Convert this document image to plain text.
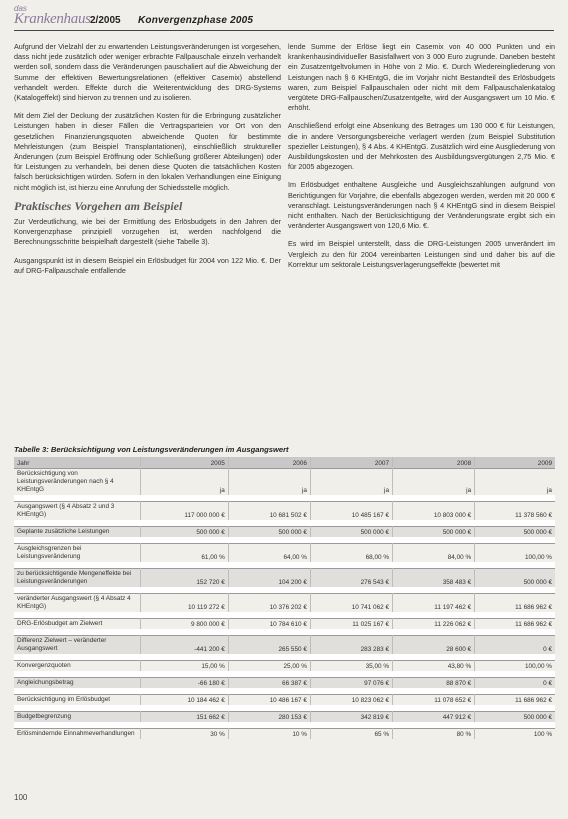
das
Krankenhaus 2/2005 Konvergenzphase 2005

Aufgrund der Vielzahl der zu erwartenden Leistungsveränderungen ist vorgesehen, dass nicht jede zusätzlich oder weniger erbrachte Fallpauschale einzeln verhandelt werden soll, sondern dass die Veränderungen pauschaliert auf die Abweichung der Summe der effektiven Bewertungsrelationen (effektiver Casemix) abstellend verhandelt werden. Effekte durch die Weiterentwicklung des DRG-Systems (Katalogeffekt) sind hiervon zu trennen und zu isolieren.

Mit dem Ziel der Deckung der zusätzlichen Kosten für die Erbringung zusätzlicher Leistungen haben in dieser Fällen die Vertragsparteien vor Ort von den gesetzlichen Finanzierungsquoten abweichende Quoten für bestimmte Mehrleistungen (zum Beispiel Transplantationen), einschließlich struktureller Änderungen (zum Beispiel Eröffnung oder Schließung größerer Abteilungen) oder für Leistungen zu verhandeln, bei denen diese Quoten die tatsächlichen Kosten falsch berücksichtigen würden. Sofern in den lokalen Verhandlungen eine Einigung nicht möglich ist, ist hierzu eine Anrufung der Schiedsstelle möglich.

Praktisches Vorgehen am Beispiel

Zur Verdeutlichung, wie bei der Ermittlung des Erlösbudgets in den Jahren der Konvergenzphase prinzipiell vorzugehen ist, werden nachfolgend die Berechnungsschritte beispielhaft dargestellt (siehe Tabelle 3).

Ausgangspunkt ist in diesem Beispiel ein Erlösbudget für 2004 von 122 Mio. €. Der auf DRG-Fallpauschale entfallende

lende Summe der Erlöse liegt ein Casemix von 40 000 Punkten und ein krankenhausindividueller Basisfallwert von 3 000 Euro zugrunde. Daneben besteht ein Zusatzentgeltvolumen in Höhe von 2 Mio. €. Durch Wiedereingliederung von Leistungen nach § 6 KHEntgG, die im Vorjahr nicht Bestandteil des Erlösbudgets waren, zum Beispiel Fallpauschalen oder nicht mit dem Fallpauschalenkatalog vergütete DRG-Fallpauschen/Zusatzentgelte, wird der Ausgangswert um 10 Mio. € erhöht.

Anschließend erfolgt eine Absenkung des Betrages um 130 000 € für Leistungen, die in andere Versorgungsbereiche verlagert werden (zum Beispiel Substitution spezieller Leistungen), § 4 Abs. 4 KHEntgG. Zusätzlich wird eine Ausgliederung von Ausbildungskosten und der Mehrkosten des Ausbildungsvergütungen 2,75 Mio. € für 2005 abgezogen.

Im Erlösbudget enthaltene Ausgleiche und Ausgleichszahlungen aufgrund von Berichtigungen für Vorjahre, die ebenfalls abgezogen werden, werden mit 20 000 € veranschlagt. Leistungsveränderungen nach § 4 KHEntgG sind in diesem Beispiel nicht enthalten. Nach der Berücksichtigung der Veränderungsrate ergibt sich ein veränderter Ausgangswert von 120,6 Mio. €.

Es wird im Beispiel unterstellt, dass die DRG-Leistungen 2005 unverändert im Vergleich zu den für 2004 vereinbarten Leistungen sind und daher bis auf die Korrektur um sektorale Leistungsverlagerungseffekte (bewertet mit

Tabelle 3: Berücksichtigung von Leistungsveränderungen im Ausgangswert
Jahr	2005	2006	2007	2008	2009
Berücksichtigung von Leistungsveränderungen nach § 4 KHEntgG	ja	ja	ja	ja	ja

Ausgangswert (§ 4 Absatz 2 und 3 KHEntgG)	117 000 000 €	10 681 502 €	10 485 167 €	10 803 000 €	11 378 560 €

Geplante zusätzliche Leistungen	500 000 €	500 000 €	500 000 €	500 000 €	500 000 €

Ausgleichsgrenzen bei Leistungsveränderung	61,00 %	64,00 %	68,00 %	84,00 %	100,00 %

zu berücksichtigende Mengeneffekte bei Leistungsveränderungen	152 720 €	104 200 €	276 543 €	358 483 €	500 000 €

veränderter Ausgangswert (§ 4 Absatz 4 KHEntgG)	10 119 272 €	10 376 202 €	10 741 062 €	11 197 462 €	11 686 962 €

DRG-Erlösbudget am Zielwert	9 800 000 €	10 784 610 €	11 025 167 €	11 226 062 €	11 686 962 €

Differenz Zielwert – veränderter Ausgangswert	-441 200 €	265 550 €	283 283 €	28 600 €	0 €

Konvergenzquoten	15,00 %	25,00 %	35,00 %	43,80 %	100,00 %

Angleichungsbetrag	-66 180 €	66 387 €	97 076 €	88 870 €	0 €

Berücksichtigung im Erlösbudget	10 184 462 €	10 486 167 €	10 823 062 €	11 078 652 €	11 686 962 €

Budgetbegrenzung	151 662 €	280 153 €	342 819 €	447 912 €	500 000 €

Erlösmindernde Einnahmeverhandlungen	30 %	10 %	65 %	80 %	100 %
100
